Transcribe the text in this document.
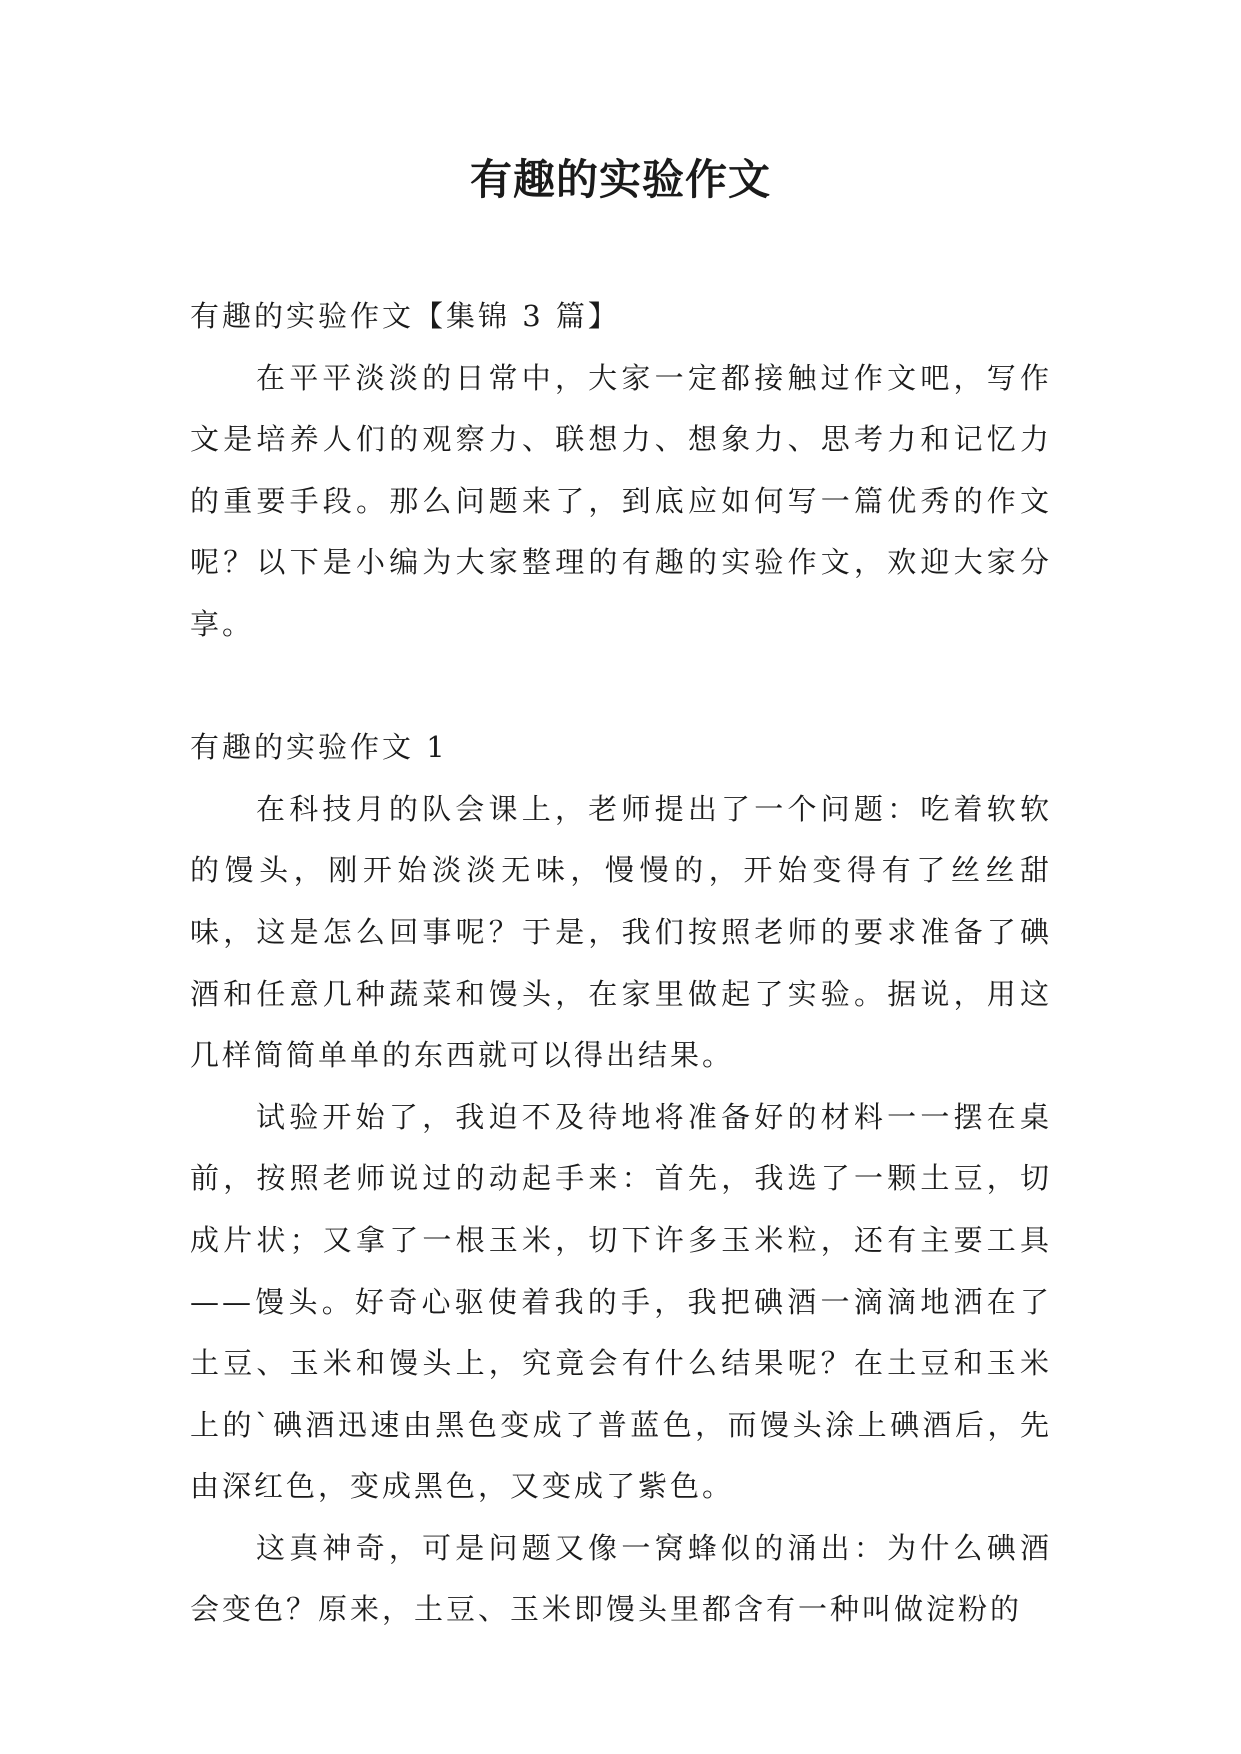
有趣的实验作文

有趣的实验作文【集锦 3 篇】

在平平淡淡的日常中，大家一定都接触过作文吧，写作文是培养人们的观察力、联想力、想象力、思考力和记忆力的重要手段。那么问题来了，到底应如何写一篇优秀的作文呢？以下是小编为大家整理的有趣的实验作文，欢迎大家分享。

有趣的实验作文 1

在科技月的队会课上，老师提出了一个问题：吃着软软的馒头，刚开始淡淡无味，慢慢的，开始变得有了丝丝甜味，这是怎么回事呢？于是，我们按照老师的要求准备了碘酒和任意几种蔬菜和馒头，在家里做起了实验。据说，用这几样简简单单的东西就可以得出结果。

试验开始了，我迫不及待地将准备好的材料一一摆在桌前，按照老师说过的动起手来：首先，我选了一颗土豆，切成片状；又拿了一根玉米，切下许多玉米粒，还有主要工具——馒头。好奇心驱使着我的手，我把碘酒一滴滴地洒在了土豆、玉米和馒头上，究竟会有什么结果呢？在土豆和玉米上的`碘酒迅速由黑色变成了普蓝色，而馒头涂上碘酒后，先由深红色，变成黑色，又变成了紫色。

这真神奇，可是问题又像一窝蜂似的涌出：为什么碘酒会变色？原来，土豆、玉米即馒头里都含有一种叫做淀粉的
